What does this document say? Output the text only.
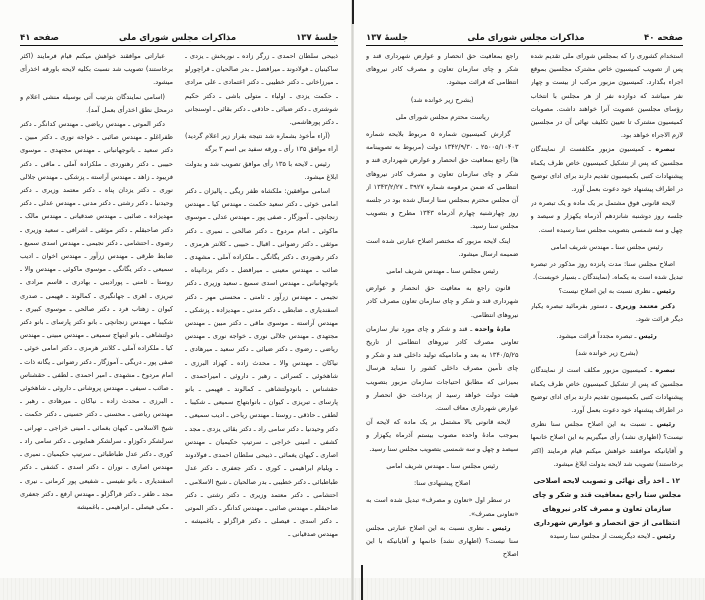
جلسهٔ ۱۳۷
مذاکرات مجلس شورای ملی
صفحه ۴۱

ذبیحی سلطان احمدی ـ زرگر زاده ـ نوربخش ـ یزدی ـ ساکینیان ـ فولادوند ـ میرافضل ـ بدر صالحیان ـ قراچورلو ـ میرزاخانی ـ دکتر خطیبی ـ دکتر اعتمادی ـ علی مرادی ـ حکمت یزدی ـ اولیاء ـ متولی باشی ـ دکتر حکیم شوشتری ـ دکتر ضیائی ـ حاذقی ـ دکتر بقائی ـ اوسنجانی ـ دکتر پورهاشمی.

(آراء مأخوذ بشماره شد نتیجه بقرار زیر اعلام گردید) آراء موافق ۱۳۵ رأی ـ ورقه سفید بی اسم ۳ برگه

رئیس ـ لایحه با ۱۳۵ رأی موافق تصویب شد و بدولت ابلاغ میشود.

اسامی موافقین: ملکشاه ظفر ریگی ـ پالیزان ـ دکتر امامی خوئی ـ دکتر سعید حکمت ـ مهندس کیا ـ مهندس زنجانچی ـ آموزگار ـ صفی پور ـ مهندس عدلی ـ موسوی ماکوئی ـ امام مردوخ ـ دکتر صالحی ـ نمیری ـ دکتر موثقی ـ دکتر رضوانی ـ اقبال ـ حبیبی ـ کلانتر هرمزی ـ دکتر رهنوردی ـ دکتر یگانگی ـ ملکزاده آملی ـ مشهدی ـ صائب ـ مهندس معینی ـ میرافضل ـ دکتر یزدانپناه ـ بانوجهانبانی ـ مهندس اسدی سمیع ـ سعید وزیری ـ دکتر نجیمی ـ مهندس زرآور ـ ثامنی ـ محسنی مهر ـ دکتر اسفندیاری ـ ضابطی ـ دکتر مدنی ـ مهدیزاده ـ پزشکی ـ مهندس آراسته ـ موسوی ماقی ـ دکتر مبین ـ مهندس مجتهدی ـ مهندس جلالی نوری ـ خواجه نوری ـ مهندس ریاضی ـ رضوی ـ دکتر ضیائی ـ دکتر سعید ـ میرهادی ـ نیاکان ـ مهندس والا ـ محدث زاده ـ کهزاد البرزی ـ شاهخوئی ـ کسرائی ـ رهبر ـ داروئی ـ امیراحمدی ـ حقشناس ـ بانودولتشاهی ـ کمالوند ـ فهیمی ـ بانو پارسای ـ تبریزی ـ کیوان ـ بانوابتهاج سمیعی ـ شکیبا ـ لطفی ـ حاذقی ـ روستا ـ مهندس ریاحی ـ ادیب سمیعی ـ دکتر وحیدنیا ـ دکتر سامی راد ـ دکتر بقائی یزدی ـ مجد ـ کشفی ـ امینی خراجی ـ سرتیپ حکیمیان ـ مهندس اصاری ـ کیهان یغمائی ـ ذبیحی سلطان احمدی ـ فولادوند ـ ویلیام ابراهیمی ـ کوری ـ دکتر جعفری ـ دکتر عدل طباطبائی ـ دکتر خطیبی ـ بدر صالحیان ـ شیخ الاسلامی ـ احتشامی ـ دکتر معتمد وزیری ـ دکتر رشتی ـ دکتر صاحبقلم ـ مهندس صائبی ـ مهندس کدانگر ـ دکتر الموتی ـ دکتر اسدی ـ فیصلی ـ دکتر قراگزلو ـ باغمیشه ـ مهندس صدقیانی ـ

عباراتی موافقند خواهش میکنم قیام فرمایند (اکثر برخاستند) تصویب شد نسبت بکلیه لایحه باورقه اخذرأی میشود.

(اسامی نمایندگان بترتیب آتی بوسیله منشی اعلام و درمحل نطق اخذرأی بعمل آمد).

دکتر الموتی ـ مهندس ریاضی ـ مهندس کدانگر ـ دکتر ظفراغلو ـ مهندس صائبی ـ خواجه نوری ـ دکتر مبین ـ دکتر سعید ـ بانوجهانبانی ـ مهندس مجتهدی ـ موسوی حبیبی ـ دکتر رهنوردی ـ ملکزاده آملی ـ ماقی ـ دکتر فریبود ـ زاهد ـ مهندس آراسته ـ پزشکی ـ مهندس جلالی نوری ـ دکتر یزدان پناه ـ دکتر معتمد وزیری ـ دکتر وحیدنیا ـ دکتر رشتی ـ دکتر مدنی ـ مهندس عدلی ـ دکتر مهدیزاده ـ صائبی ـ مهندس صدقیانی ـ مهندس مالک ـ دکتر صاحبقلم ـ دکتر موثقی ـ اشرافی ـ سعید وزیری ـ رضوی ـ احتشامی ـ دکتر نجیمی ـ مهندس اسدی سمیع ـ ضابط طرقی ـ مهندس زرآور ـ مهندس اخوان ـ ادیب سمیعی ـ دکتر یگانگی ـ موسوی ماکوئی ـ مهندس والا ـ روستا ـ ثامنی ـ پورادیبی ـ بهادری ـ قاسم مرادی ـ تبریزی ـ اهری ـ جهانگیری ـ کمالوند ـ فهیمی ـ صدری کیوان ـ زهتاب فرد ـ دکتر صالحی ـ موسوی کبیری ـ شکیبا ـ مهندس زنجانچی ـ بانو دکتر پارسای ـ بانو دکتر دولتشاهی ـ بانو ابتهاج سمیعی ـ مهندس مبینی ـ مهندس کیا ـ ملکزاده آملی ـ کلانتر هرمزی ـ دکتر امامی خوئی ـ صفی پور ـ دریگی ـ آموزگار ـ دکتر رضوانی ـ یگانه ذات ـ امام مردوخ ـ مشهدی ـ امیر احمدی ـ لطفی ـ حقشناس ـ صائب ـ سیفی ـ مهندس پروشانی ـ داروئی ـ شاهخوئی ـ البرزی ـ محدث زاده ـ نیاکان ـ میرهادی ـ رهبر ـ مهندس ریاضی ـ محسنی ـ دکتر حسینی ـ دکتر حکمت ـ شیخ الاسلامی ـ کیهان بغمائی ـ امینی خراجی ـ تهرانی ـ سرلشکر دکوزاو ـ سرلشکر همایونی ـ دکتر سامی راد ـ کوری ـ دکتر عدل طباطبائی ـ سرتیپ حکیمیان ـ نمیری ـ مهندس اصاری ـ نوران ـ دکتر اسدی ـ کشفی ـ دکتر اسفندیاری ـ بانو نفیسی ـ شفیعی پور کرمانی ـ نیری ـ مجد ـ ظفر ـ دکتر قراگزلو ـ مهندس ارفع ـ دکتر جعفری ـ مکی فیصلی ـ ابراهیمی ـ باغمیشه

صفحه ۴۰
مذاکرات مجلس شورای ملی
جلسهٔ ۱۳۷

استخدام کشوری را که بمجلس شورای ملی تقدیم شده پس از تصویب کمیسیون خاص مشترک مجلسین بموقع اجراء بگذارد. کمیسیون مزبور مرکب از بیست و چهار نفر میباشد که دوازده نفر از هر مجلس با انتخاب رؤسای مجلسین عضویت آنرا خواهند داشت. مصوبات کمیسیون مشترک تا تعیین تکلیف نهائی آن در مجلسین لازم الاجراء خواهد بود.

تبصره ـ کمیسیون مزبور مکلفست از نمایندگان مجلسین که پس از تشکیل کمیسیون خاص ظرف یکماه پیشنهادات کتبی بکمیسیون تقدیم دارند برای ادای توضیح در اطراف پیشنهاد خود دعوت بعمل آورد.

لایحه قانونی فوق مشتمل بر یک ماده و یک تبصره در جلسه روز دوشنبه شانزدهم آذرماه یکهزار و سیصد و چهل و سه شمسی بتصویب مجلس سنا رسیده است.

رئیس مجلس سنا ـ مهندس شریف امامی

اصلاح مجلس سنا: مدت پانزده روز مذکور در تبصره تبدیل شده است به یکماه. (نمایندگان ـ بسیار خوبست).

رئیس ـ نظری نسبت به این اصلاح نیست؟

دکتر معتمد وزیری ـ دستور بفرمائید تبصره یکبار دیگر قرائت شود.

رئیس ـ تبصره مجدداً قرائت میشود.

(بشرح زیر خوانده شد)

تبصره ـ کمیسیون مزبور مکلف است از نمایندگان مجلسین که پس از تشکیل کمیسیون خاص ظرف یکماه پیشنهادات کتبی بکمیسیون تقدیم دارند برای ادای توضیح در اطراف پیشنهاد خود دعوت بعمل آورد.

رئیس ـ نسبت به این اصلاح مجلس سنا نظری نیست؟ (اظهاری نشد) رأی میگیریم به این اصلاح خانمها و آقایانیکه موافقند خواهش میکنم قیام فرمایند (اکثر برخاستند) تصویب شد لایحه بدولت ابلاغ میشود.

۱۲ ـ اخذ رأی نهائی و تصویب لایحه اصلاحی مجلس سنا راجع بمعافیت قند و شکر و چای سازمان تعاون و مصرف کادر نیروهای انتظامی از حق انحصار و عوارض شهرداری

رئیس ـ لایحه دیگریست از مجلس سنا رسیده

راجع بمعافیت حق انحصار و عوارض شهرداری قند و شکر و چای سازمان تعاون و مصرف کادر نیروهای انتظامی که قرائت میشود.

(بشرح زیر خوانده شد)

ریاست محترم مجلس شورای ملی

گزارش کمیسیون شماره ۵ مربوط بلایحه شماره ۲۵۰۰۵/۱۰۴۰۳ ـ ۱۳۴۲/۹/۳۰ دولت (مربوط به تصویبنامه ها) راجع بمعافیت حق انحصار و عوارض شهرداری قند و شکر و چای سازمان تعاون و مصرف کادر نیروهای انتظامی که ضمن مرقومه شماره ۳۹۲۷ ـ ۱۳۴۳/۲/۲۷ از آن مجلس محترم بمجلس سنا ارسال شده بود در جلسه روز چهارشنبه چهارم آذرماه ۱۳۴۳ مطرح و بتصویب مجلس سنا رسید.

اینک لایحه مزبور که مختصر اصلاح عبارتی شده است ضمیمه ارسال میشود.

رئیس مجلس سنا ـ مهندس شریف امامی

قانون راجع به معافیت حق انحصار و عوارض شهرداری قند و شکر و چای سازمان تعاون مصرف کادر نیروهای انتظامی.

مادهٔ واحده ـ قند و شکر و چای مورد نیاز سازمان تعاونی مصرف کادر نیروهای انتظامی از تاریخ ۱۳۴۰/۵/۲۵ به بعد و مادامیکه تولید داخلی قند و شکر و چای تأمین مصرف داخلی کشور را ننماید هرسال بمیزانی که مطابق احتیاجات سازمان مزبور بتصویب هیئت دولت خواهد رسید از پرداخت حق انحصار و عوارض شهرداری معاف است.

لایحه قانونی بالا مشتمل بر یک ماده که لایحه آن بموجب مادهٔ واحده مصوب بیستم آذرماه یکهزار و سیصد و چهل و سه شمسی بتصویب مجلس سنا رسید.

رئیس مجلس سنا ـ مهندس شریف امامی

اصلاح پیشنهادی سنا:

در سطر اول «تعاون و مصرف» تبدیل شده است به «تعاونی مصرف».

رئیس ـ نظری نسبت به این اصلاح عبارتی مجلس سنا نیست؟ (اظهاری نشد) خانمها و آقایانیکه با این اصلاح
